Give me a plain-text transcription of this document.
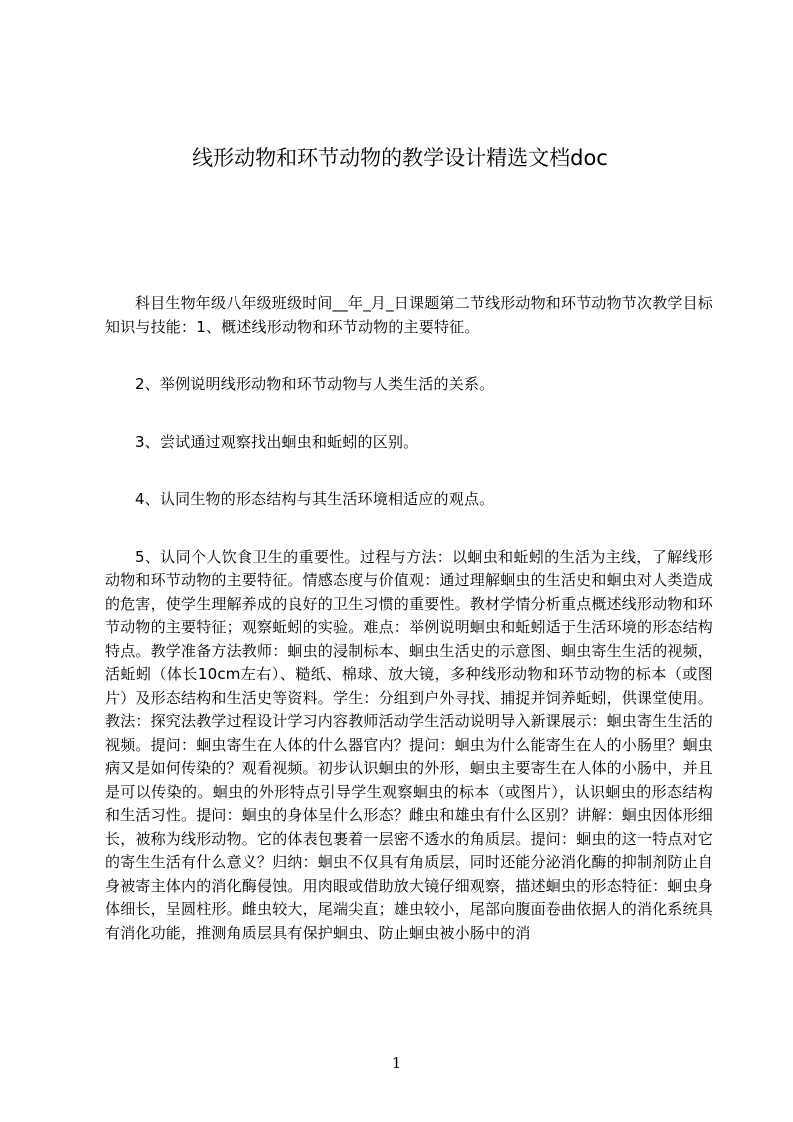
线形动物和环节动物的教学设计精选文档doc

科目生物年级八年级班级时间__年_月_日课题第二节线形动物和环节动物节次教学目标知识与技能：1、概述线形动物和环节动物的主要特征。

2、举例说明线形动物和环节动物与人类生活的关系。

3、尝试通过观察找出蛔虫和蚯蚓的区别。

4、认同生物的形态结构与其生活环境相适应的观点。

5、认同个人饮食卫生的重要性。过程与方法：以蛔虫和蚯蚓的生活为主线，了解线形动物和环节动物的主要特征。情感态度与价值观：通过理解蛔虫的生活史和蛔虫对人类造成的危害，使学生理解养成的良好的卫生习惯的重要性。教材学情分析重点概述线形动物和环节动物的主要特征；观察蚯蚓的实验。难点：举例说明蛔虫和蚯蚓适于生活环境的形态结构特点。教学准备方法教师：蛔虫的浸制标本、蛔虫生活史的示意图、蛔虫寄生生活的视频，活蚯蚓（体长10cm左右）、糙纸、棉球、放大镜，多种线形动物和环节动物的标本（或图片）及形态结构和生活史等资料。学生：分组到户外寻找、捕捉并饲养蚯蚓，供课堂使用。教法：探究法教学过程设计学习内容教师活动学生活动说明导入新课展示：蛔虫寄生生活的视频。提问：蛔虫寄生在人体的什么器官内？提问：蛔虫为什么能寄生在人的小肠里？蛔虫病又是如何传染的？观看视频。初步认识蛔虫的外形，蛔虫主要寄生在人体的小肠中，并且是可以传染的。蛔虫的外形特点引导学生观察蛔虫的标本（或图片），认识蛔虫的形态结构和生活习性。提问：蛔虫的身体呈什么形态？雌虫和雄虫有什么区别？讲解：蛔虫因体形细长，被称为线形动物。它的体表包裹着一层密不透水的角质层。提问：蛔虫的这一特点对它的寄生生活有什么意义？归纳：蛔虫不仅具有角质层，同时还能分泌消化酶的抑制剂防止自身被寄主体内的消化酶侵蚀。用肉眼或借助放大镜仔细观察，描述蛔虫的形态特征：蛔虫身体细长，呈圆柱形。雌虫较大，尾端尖直；雄虫较小，尾部向腹面卷曲依据人的消化系统具有消化功能，推测角质层具有保护蛔虫、防止蛔虫被小肠中的消

1
